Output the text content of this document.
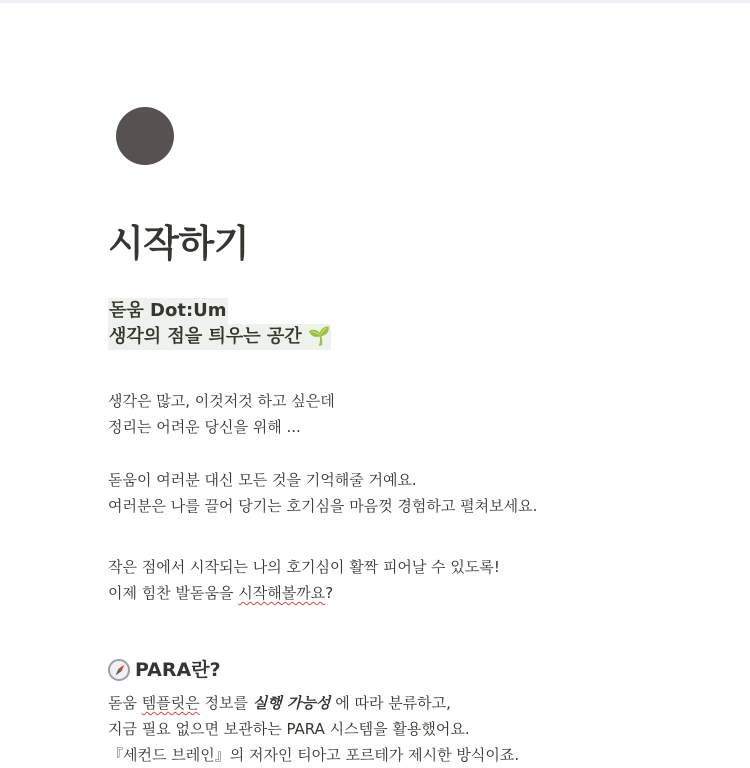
시작하기
돋움 Dot:Um
생각의 점을 틔우는 공간 🌱

생각은 많고, 이것저것 하고 싶은데
정리는 어려운 당신을 위해 ...

돋움이 여러분 대신 모든 것을 기억해줄 거예요.
여러분은 나를 끌어 당기는 호기심을 마음껏 경험하고 펼쳐보세요.

작은 점에서 시작되는 나의 호기심이 활짝 피어날 수 있도록!
이제 힘찬 발돋움을 시작해볼까요?

PARA란?

돋움 템플릿은 정보를 실행 가능성 에 따라 분류하고,
지금 필요 없으면 보관하는 PARA 시스템을 활용했어요.
『세컨드 브레인』의 저자인 티아고 포르테가 제시한 방식이죠.
